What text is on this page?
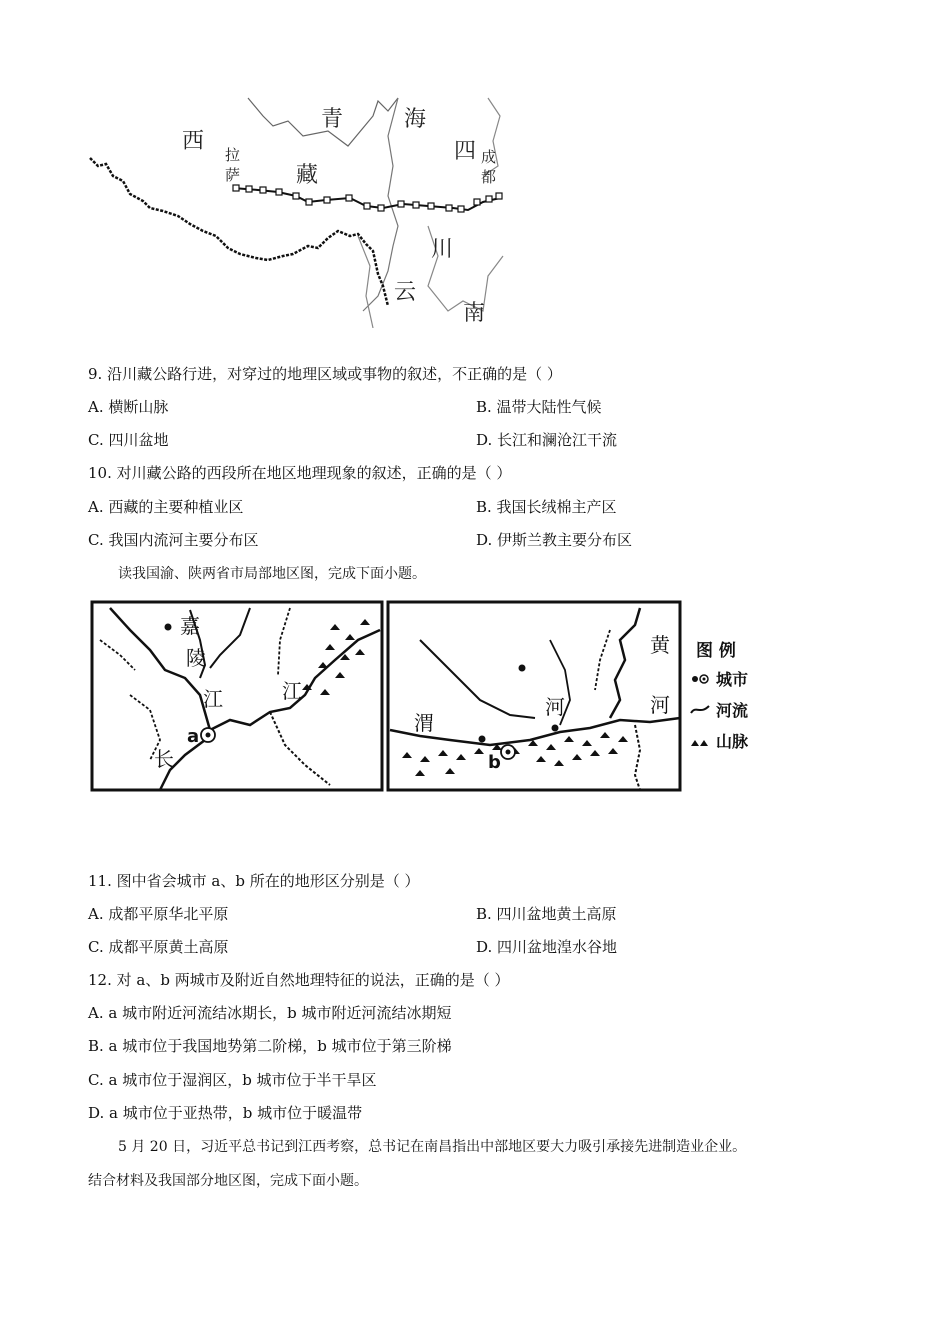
青	海
西	四
藏
川
云
南
拉
萨
成
都
9. 沿川藏公路行进，对穿过的地理区域或事物的叙述，不正确的是（ ）
A. 横断山脉	B. 温带大陆性气候
C. 四川盆地	D. 长江和澜沧江干流
10. 对川藏公路的西段所在地区地理现象的叙述，正确的是（ ）
A. 西藏的主要种植业区	B. 我国长绒棉主产区
C. 我国内流河主要分布区	D. 伊斯兰教主要分布区
读我国渝、陕两省市局部地区图，完成下面小题。
嘉
陵
江	江
长
a
渭
河
黄
河
b
图 例
城市
河流
山脉
11. 图中省会城市 a、b 所在的地形区分别是（ ）
A. 成都平原华北平原	B. 四川盆地黄土高原
C. 成都平原黄土高原	D. 四川盆地湟水谷地
12. 对 a、b 两城市及附近自然地理特征的说法，正确的是（ ）
A. a 城市附近河流结冰期长，b 城市附近河流结冰期短
B. a 城市位于我国地势第二阶梯，b 城市位于第三阶梯
C. a 城市位于湿润区，b 城市位于半干旱区
D. a 城市位于亚热带，b 城市位于暖温带
5 月 20 日，习近平总书记到江西考察，总书记在南昌指出中部地区要大力吸引承接先进制造业企业。
结合材料及我国部分地区图，完成下面小题。
